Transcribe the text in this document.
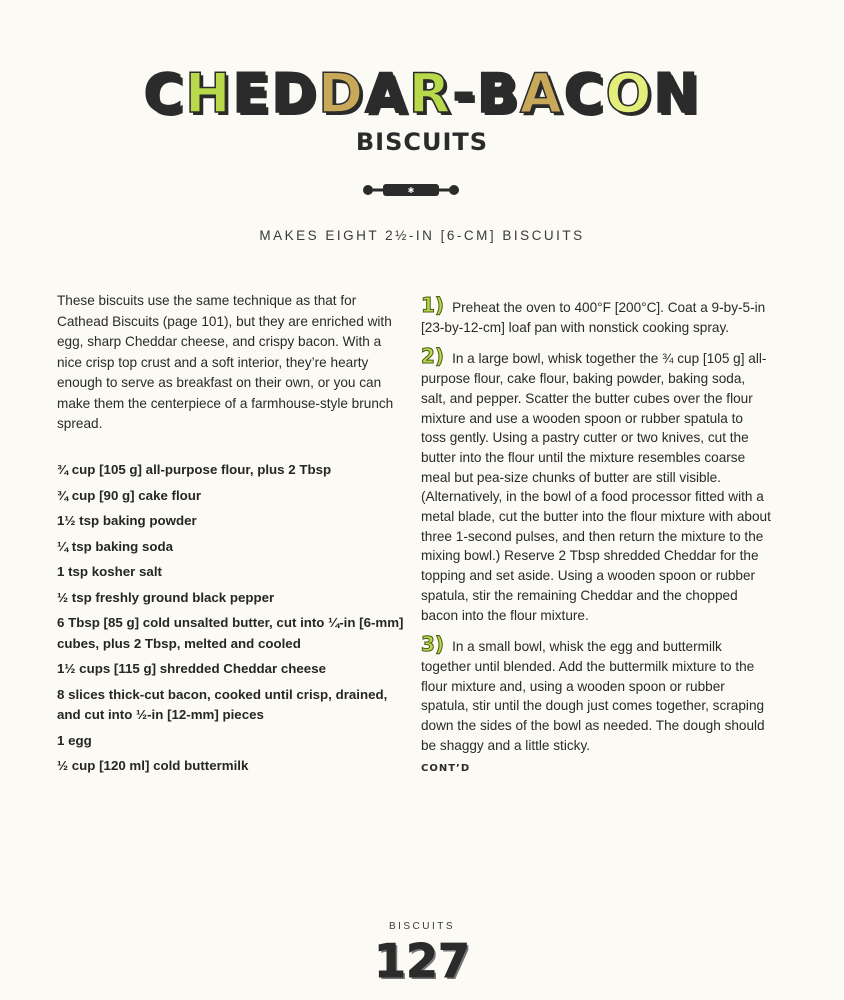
CHEDDAR-BACON
BISCUITS
✱
MAKES EIGHT 2½-IN [6-CM] BISCUITS
These biscuits use the same technique as that for Cathead Biscuits (page 101), but they are enriched with egg, sharp Cheddar cheese, and crispy bacon. With a nice crisp top crust and a soft interior, they’re hearty enough to serve as breakfast on their own, or you can make them the centerpiece of a farmhouse-style brunch spread.
¾ cup [105 g] all-purpose flour, plus 2 Tbsp
¾ cup [90 g] cake flour
1½ tsp baking powder
¼ tsp baking soda
1 tsp kosher salt
½ tsp freshly ground black pepper
6 Tbsp [85 g] cold unsalted butter, cut into ¼-in [6-mm] cubes, plus 2 Tbsp, melted and cooled
1½ cups [115 g] shredded Cheddar cheese
8 slices thick-cut bacon, cooked until crisp, drained, and cut into ½-in [12-mm] pieces
1 egg
½ cup [120 ml] cold buttermilk
1) Preheat the oven to 400°F [200°C]. Coat a 9-by-5-in [23-by-12-cm] loaf pan with nonstick cooking spray.
2) In a large bowl, whisk together the ¾ cup [105 g] all-purpose flour, cake flour, baking powder, baking soda, salt, and pepper. Scatter the butter cubes over the flour mixture and use a wooden spoon or rubber spatula to toss gently. Using a pastry cutter or two knives, cut the butter into the flour until the mixture resembles coarse meal but pea-size chunks of butter are still visible. (Alternatively, in the bowl of a food processor fitted with a metal blade, cut the butter into the flour mixture with about three 1-second pulses, and then return the mixture to the mixing bowl.) Reserve 2 Tbsp shredded Cheddar for the topping and set aside. Using a wooden spoon or rubber spatula, stir the remaining Cheddar and the chopped bacon into the flour mixture.
3) In a small bowl, whisk the egg and buttermilk together until blended. Add the buttermilk mixture to the flour mixture and, using a wooden spoon or rubber spatula, stir until the dough just comes together, scraping down the sides of the bowl as needed. The dough should be shaggy and a little sticky.
CONT’D
BISCUITS
127
